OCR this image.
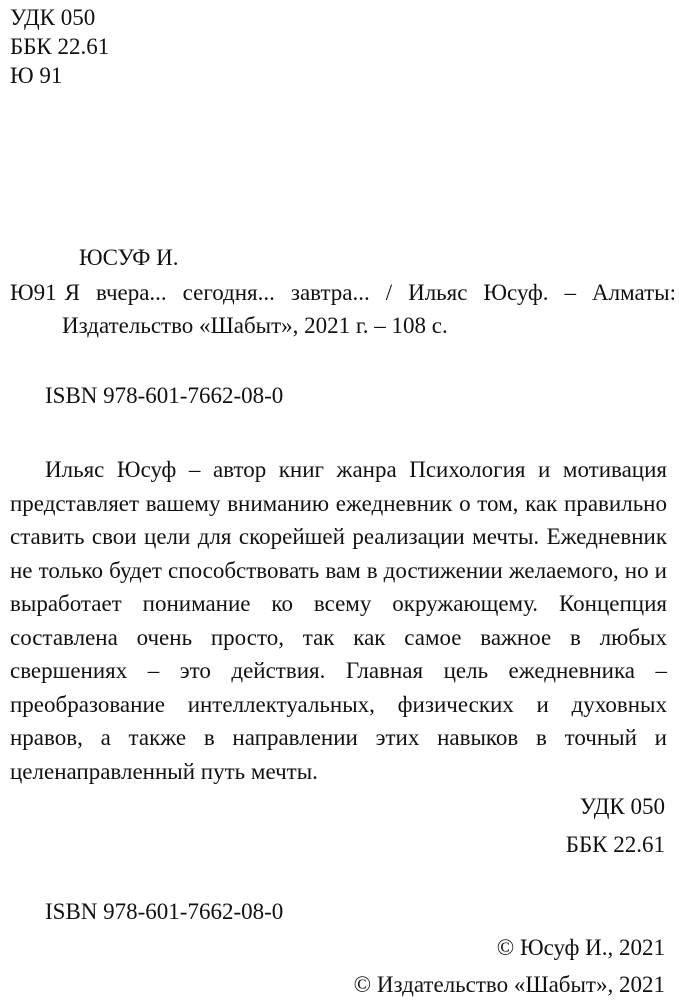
УДК 050
ББК 22.61
Ю 91
ЮСУФ И.
Ю91 Я вчера... сегодня... завтра... / Ильяс Юсуф. – Алматы:
Издательство «Шабыт», 2021 г. – 108 с.
ISBN 978-601-7662-08-0
Ильяс Юсуф – автор книг жанра Психология и мотивация представляет вашему вниманию ежедневник о том, как правильно ставить свои цели для скорейшей реализации мечты. Ежедневник не только будет способствовать вам в достижении желаемого, но и выработает понимание ко всему окружающему. Концепция составлена очень просто, так как самое важное в любых свершениях – это действия. Главная цель ежедневника – преобразование интеллектуальных, физических и духовных нравов, а также в направлении этих навыков в точный и целенаправленный путь мечты.
УДК 050
ББК 22.61
ISBN 978-601-7662-08-0
© Юсуф И., 2021
© Издательство «Шабыт», 2021
